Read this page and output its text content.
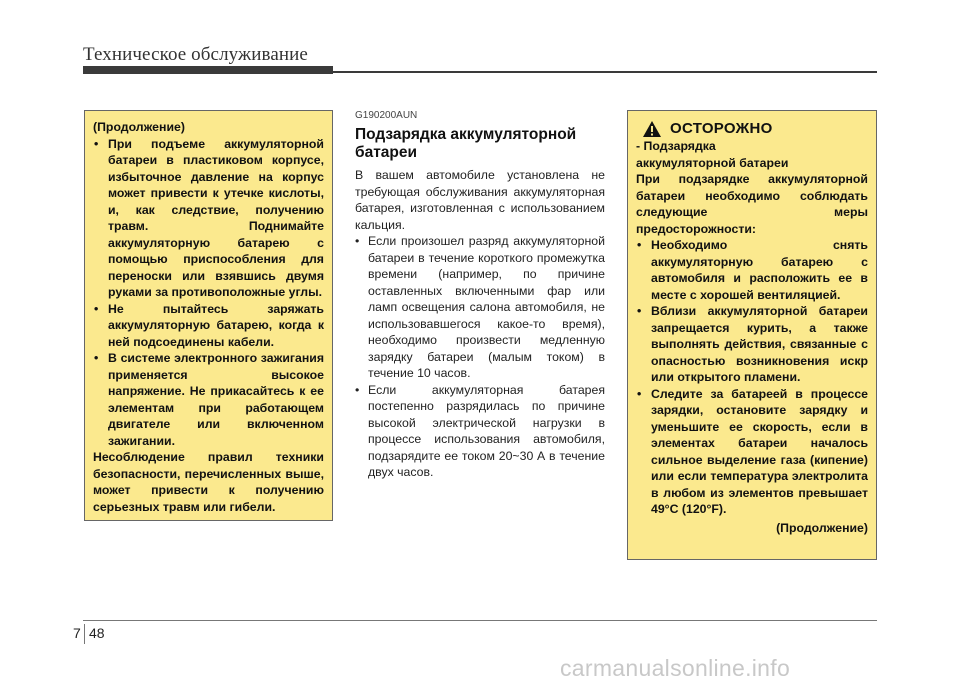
Техническое обслуживание

(Продолжение)

• При подъеме аккумуляторной батареи в пластиковом корпусе, избыточное давление на корпус может привести к утечке кислоты, и, как следствие, получению травм. Поднимайте аккумуляторную батарею с помощью приспособления для переноски или взявшись двумя руками за противоположные углы.
• Не пытайтесь заряжать аккумуляторную батарею, когда к ней подсоединены кабели.
• В системе электронного зажигания применяется высокое напряжение. Не прикасайтесь к ее элементам при работающем двигателе или включенном зажигании.

Несоблюдение правил техники безопасности, перечисленных выше, может привести к получению серьезных травм или гибели.

G190200AUN

Подзарядка аккумуляторной батареи

В вашем автомобиле установлена не требующая обслуживания аккумуляторная батарея, изготовленная с использованием кальция.

• Если произошел разряд аккумуляторной батареи в течение короткого промежутка времени (например, по причине оставленных включенными фар или ламп освещения салона автомобиля, не использовавшегося какое-то время), необходимо произвести медленную зарядку батареи (малым током) в течение 10 часов.
• Если аккумуляторная батарея постепенно разрядилась по причине высокой электрической нагрузки в процессе использования автомобиля, подзарядите ее током 20~30 А в течение двух часов.
ОСТОРОЖНО

- Подзарядка

аккумуляторной батареи

При подзарядке аккумуляторной батареи необходимо соблюдать следующие меры предосторожности:

• Необходимо снять аккумуляторную батарею с автомобиля и расположить ее в месте с хорошей вентиляцией.
• Вблизи аккумуляторной батареи запрещается курить, а также выполнять действия, связанные с опасностью возникновения искр или открытого пламени.
• Следите за батареей в процессе зарядки, остановите зарядку и уменьшите ее скорость, если в элементах батареи началось сильное выделение газа (кипение) или если температура электролита в любом из элементов превышает 49°C (120°F).

(Продолжение)

7 48
carmanualsonline.info
